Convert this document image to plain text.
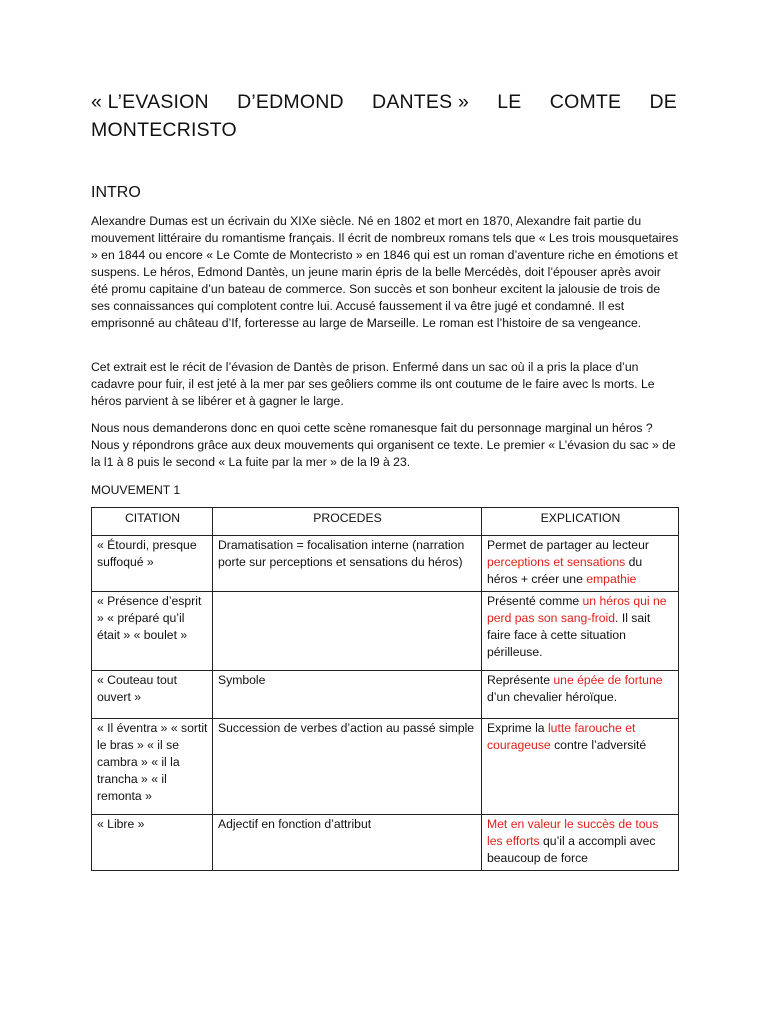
« L’EVASION D’EDMOND DANTES » LE COMTE DE
MONTECRISTO
INTRO
Alexandre Dumas est un écrivain du XIXe siècle. Né en 1802 et mort en 1870, Alexandre fait partie du mouvement littéraire du romantisme français. Il écrit de nombreux romans tels que « Les trois mousquetaires » en 1844 ou encore « Le Comte de Montecristo » en 1846 qui est un roman d’aventure riche en émotions et suspens. Le héros, Edmond Dantès, un jeune marin épris de la belle Mercédès, doit l’épouser après avoir été promu capitaine d’un bateau de commerce. Son succès et son bonheur excitent la jalousie de trois de ses connaissances qui complotent contre lui. Accusé faussement il va être jugé et condamné. Il est emprisonné au château d’If, forteresse au large de Marseille. Le roman est l’histoire de sa vengeance.
Cet extrait est le récit de l’évasion de Dantès de prison. Enfermé dans un sac où il a pris la place d’un cadavre pour fuir, il est jeté à la mer par ses geôliers comme ils ont coutume de le faire avec ls morts. Le héros parvient à se libérer et à gagner le large.
Nous nous demanderons donc en quoi cette scène romanesque fait du personnage marginal un héros ? Nous y répondrons grâce aux deux mouvements qui organisent ce texte. Le premier « L’évasion du sac » de la l1 à 8 puis le second « La fuite par la mer » de la l9 à 23.
MOUVEMENT 1
CITATION	PROCEDES	EXPLICATION
« Étourdi, presque suffoqué »	Dramatisation = focalisation interne (narration porte sur perceptions et sensations du héros)	Permet de partager au lecteur perceptions et sensations du héros + créer une empathie
« Présence d’esprit » « préparé qu’il était » « boulet »		Présenté comme un héros qui ne perd pas son sang-froid. Il sait faire face à cette situation périlleuse.
« Couteau tout ouvert »	Symbole	Représente une épée de fortune d’un chevalier héroïque.
« Il éventra » « sortit le bras » « il se cambra » « il la trancha » « il remonta »	Succession de verbes d’action au passé simple	Exprime la lutte farouche et courageuse contre l’adversité
« Libre »	Adjectif en fonction d’attribut	Met en valeur le succès de tous les efforts qu’il a accompli avec beaucoup de force
